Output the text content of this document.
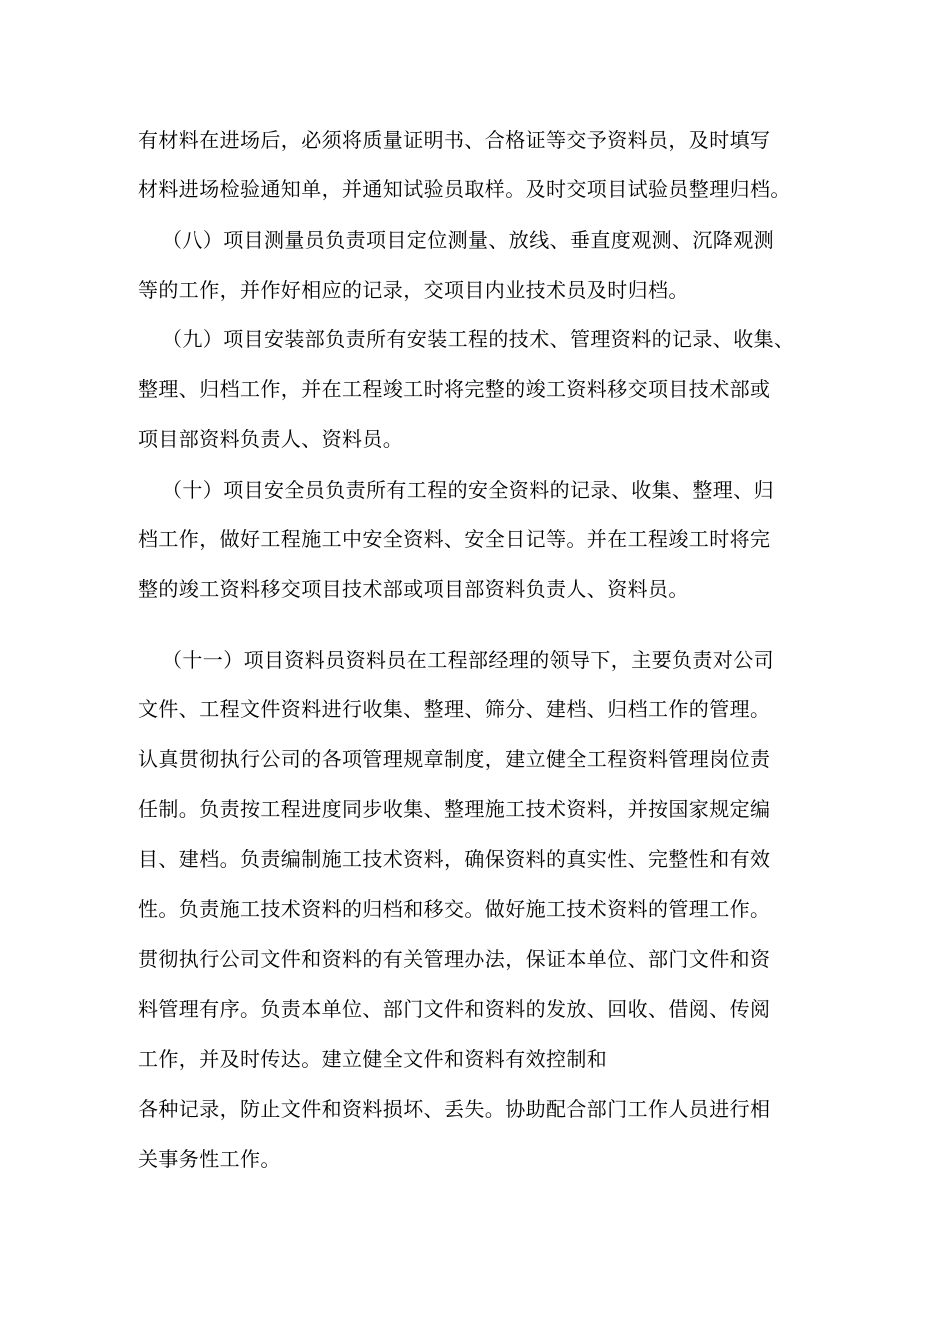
有材料在进场后，必须将质量证明书、合格证等交予资料员，及时填写
材料进场检验通知单，并通知试验员取样。及时交项目试验员整理归档。
（八）项目测量员负责项目定位测量、放线、垂直度观测、沉降观测
等的工作，并作好相应的记录，交项目内业技术员及时归档。
（九）项目安装部负责所有安装工程的技术、管理资料的记录、收集、
整理、归档工作，并在工程竣工时将完整的竣工资料移交项目技术部或
项目部资料负责人、资料员。
（十）项目安全员负责所有工程的安全资料的记录、收集、整理、归
档工作，做好工程施工中安全资料、安全日记等。并在工程竣工时将完
整的竣工资料移交项目技术部或项目部资料负责人、资料员。
（十一）项目资料员资料员在工程部经理的领导下，主要负责对公司
文件、工程文件资料进行收集、整理、筛分、建档、归档工作的管理。
认真贯彻执行公司的各项管理规章制度，建立健全工程资料管理岗位责
任制。负责按工程进度同步收集、整理施工技术资料，并按国家规定编
目、建档。负责编制施工技术资料，确保资料的真实性、完整性和有效
性。负责施工技术资料的归档和移交。做好施工技术资料的管理工作。
贯彻执行公司文件和资料的有关管理办法，保证本单位、部门文件和资
料管理有序。负责本单位、部门文件和资料的发放、回收、借阅、传阅
工作，并及时传达。建立健全文件和资料有效控制和
各种记录，防止文件和资料损坏、丢失。协助配合部门工作人员进行相
关事务性工作。
